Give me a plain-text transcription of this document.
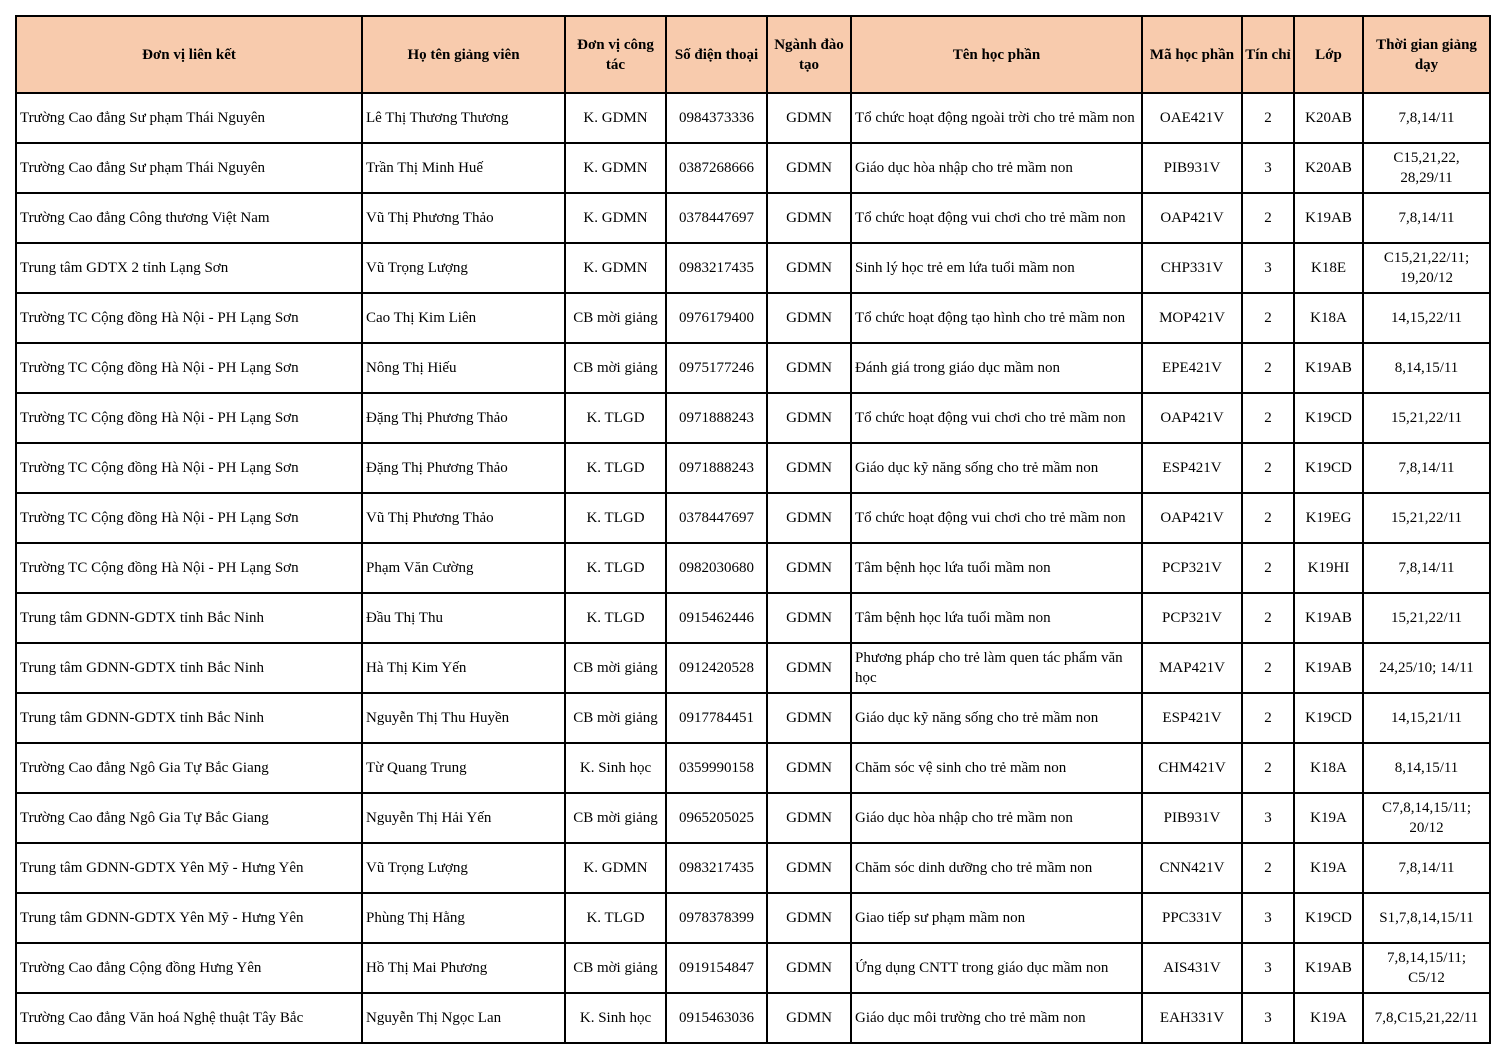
Đơn vị liên kết	Họ tên giảng viên	Đơn vị công tác	Số điện thoại	Ngành đào tạo	Tên học phần	Mã học phần	Tín chỉ	Lớp	Thời gian giảng dạy
Trường Cao đẳng Sư phạm Thái Nguyên	Lê Thị Thương Thương	K. GDMN	0984373336	GDMN	Tổ chức hoạt động ngoài trời cho trẻ mầm non	OAE421V	2	K20AB	7,8,14/11
Trường Cao đẳng Sư phạm Thái Nguyên	Trần Thị Minh Huế	K. GDMN	0387268666	GDMN	Giáo dục hòa nhập cho trẻ mầm non	PIB931V	3	K20AB	C15,21,22, 28,29/11
Trường Cao đẳng Công thương Việt Nam	Vũ Thị Phương Thảo	K. GDMN	0378447697	GDMN	Tổ chức hoạt động vui chơi cho trẻ mầm non	OAP421V	2	K19AB	7,8,14/11
Trung tâm GDTX 2 tỉnh Lạng Sơn	Vũ Trọng Lượng	K. GDMN	0983217435	GDMN	Sinh lý học trẻ em lứa tuổi mầm non	CHP331V	3	K18E	C15,21,22/11; 19,20/12
Trường TC Cộng đồng Hà Nội - PH Lạng Sơn	Cao Thị Kim Liên	CB mời giảng	0976179400	GDMN	Tổ chức hoạt động tạo hình cho trẻ mầm non	MOP421V	2	K18A	14,15,22/11
Trường TC Cộng đồng Hà Nội - PH Lạng Sơn	Nông Thị Hiếu	CB mời giảng	0975177246	GDMN	Đánh giá trong giáo dục mầm non	EPE421V	2	K19AB	8,14,15/11
Trường TC Cộng đồng Hà Nội - PH Lạng Sơn	Đặng Thị Phương Thảo	K. TLGD	0971888243	GDMN	Tổ chức hoạt động vui chơi cho trẻ mầm non	OAP421V	2	K19CD	15,21,22/11
Trường TC Cộng đồng Hà Nội - PH Lạng Sơn	Đặng Thị Phương Thảo	K. TLGD	0971888243	GDMN	Giáo dục kỹ năng sống cho trẻ mầm non	ESP421V	2	K19CD	7,8,14/11
Trường TC Cộng đồng Hà Nội - PH Lạng Sơn	Vũ Thị Phương Thảo	K. TLGD	0378447697	GDMN	Tổ chức hoạt động vui chơi cho trẻ mầm non	OAP421V	2	K19EG	15,21,22/11
Trường TC Cộng đồng Hà Nội - PH Lạng Sơn	Phạm Văn Cường	K. TLGD	0982030680	GDMN	Tâm bệnh học lứa tuổi mầm non	PCP321V	2	K19HI	7,8,14/11
Trung tâm GDNN-GDTX tỉnh Bắc Ninh	Đầu Thị Thu	K. TLGD	0915462446	GDMN	Tâm bệnh học lứa tuổi mầm non	PCP321V	2	K19AB	15,21,22/11
Trung tâm GDNN-GDTX tỉnh Bắc Ninh	Hà Thị Kim Yến	CB mời giảng	0912420528	GDMN	Phương pháp cho trẻ làm quen tác phẩm văn học	MAP421V	2	K19AB	24,25/10; 14/11
Trung tâm GDNN-GDTX tỉnh Bắc Ninh	Nguyễn Thị Thu Huyền	CB mời giảng	0917784451	GDMN	Giáo dục kỹ năng sống cho trẻ mầm non	ESP421V	2	K19CD	14,15,21/11
Trường Cao đẳng Ngô Gia Tự Bắc Giang	Từ Quang Trung	K. Sinh học	0359990158	GDMN	Chăm sóc vệ sinh cho trẻ mầm non	CHM421V	2	K18A	8,14,15/11
Trường Cao đẳng Ngô Gia Tự Bắc Giang	Nguyễn Thị Hải Yến	CB mời giảng	0965205025	GDMN	Giáo dục hòa nhập cho trẻ mầm non	PIB931V	3	K19A	C7,8,14,15/11; 20/12
Trung tâm GDNN-GDTX Yên Mỹ - Hưng Yên	Vũ Trọng Lượng	K. GDMN	0983217435	GDMN	Chăm sóc dinh dưỡng cho trẻ mầm non	CNN421V	2	K19A	7,8,14/11
Trung tâm GDNN-GDTX Yên Mỹ - Hưng Yên	Phùng Thị Hằng	K. TLGD	0978378399	GDMN	Giao tiếp sư phạm mầm non	PPC331V	3	K19CD	S1,7,8,14,15/11
Trường Cao đẳng Cộng đồng Hưng Yên	Hồ Thị Mai Phương	CB mời giảng	0919154847	GDMN	Ứng dụng CNTT trong giáo dục mầm non	AIS431V	3	K19AB	7,8,14,15/11; C5/12
Trường Cao đẳng Văn hoá Nghệ thuật Tây Bắc	Nguyễn Thị Ngọc Lan	K. Sinh học	0915463036	GDMN	Giáo dục môi trường cho trẻ mầm non	EAH331V	3	K19A	7,8,C15,21,22/11
